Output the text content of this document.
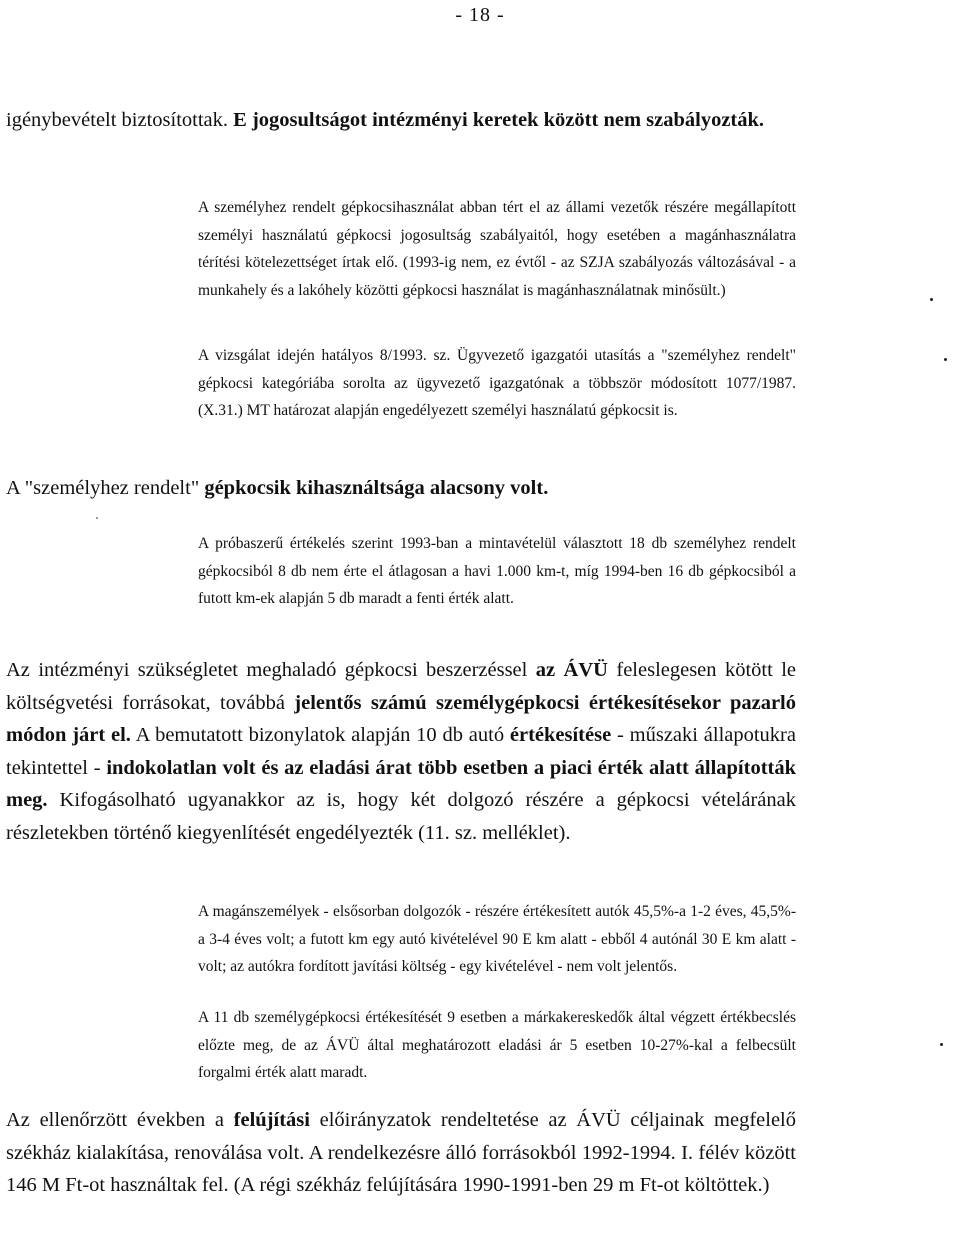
- 18 -
igénybevételt biztosítottak. E jogosultságot intézményi keretek között nem szabályozták.
A személyhez rendelt gépkocsihasználat abban tért el az állami vezetők részére megállapított személyi használatú gépkocsi jogosultság szabályaitól, hogy esetében a magánhasználatra térítési kötelezettséget írtak elő. (1993-ig nem, ez évtől - az SZJA szabályozás változásával - a munkahely és a lakóhely közötti gépkocsi használat is magánhasználatnak minősült.)
A vizsgálat idején hatályos 8/1993. sz. Ügyvezető igazgatói utasítás a "személyhez rendelt" gépkocsi kategóriába sorolta az ügyvezető igazgatónak a többször módosított 1077/1987. (X.31.) MT határozat alapján engedélyezett személyi használatú gépkocsit is.
A "személyhez rendelt" gépkocsik kihasználtsága alacsony volt.
A próbaszerű értékelés szerint 1993-ban a mintavételül választott 18 db személyhez rendelt gépkocsiból 8 db nem érte el átlagosan a havi 1.000 km-t, míg 1994-ben 16 db gépkocsiból a futott km-ek alapján 5 db maradt a fenti érték alatt.
Az intézményi szükségletet meghaladó gépkocsi beszerzéssel az ÁVÜ feleslegesen kötött le költségvetési forrásokat, továbbá jelentős számú személygépkocsi értékesítésekor pazarló módon járt el. A bemutatott bizonylatok alapján 10 db autó értékesítése - műszaki állapotukra tekintettel - indokolatlan volt és az eladási árat több esetben a piaci érték alatt állapították meg. Kifogásolható ugyanakkor az is, hogy két dolgozó részére a gépkocsi vételárának részletekben történő kiegyenlítését engedélyezték (11. sz. melléklet).
A magánszemélyek - elsősorban dolgozók - részére értékesített autók 45,5%-a 1-2 éves, 45,5%-a 3-4 éves volt; a futott km egy autó kivételével 90 E km alatt - ebből 4 autónál 30 E km alatt - volt; az autókra fordított javítási költség - egy kivételével - nem volt jelentős.
A 11 db személygépkocsi értékesítését 9 esetben a márkakereskedők által végzett értékbecslés előzte meg, de az ÁVÜ által meghatározott eladási ár 5 esetben 10-27%-kal a felbecsült forgalmi érték alatt maradt.
Az ellenőrzött években a felújítási előirányzatok rendeltetése az ÁVÜ céljainak megfelelő székház kialakítása, renoválása volt. A rendelkezésre álló forrásokból 1992-1994. I. félév között 146 M Ft-ot használtak fel. (A régi székház felújítására 1990-1991-ben 29 m Ft-ot költöttek.)
